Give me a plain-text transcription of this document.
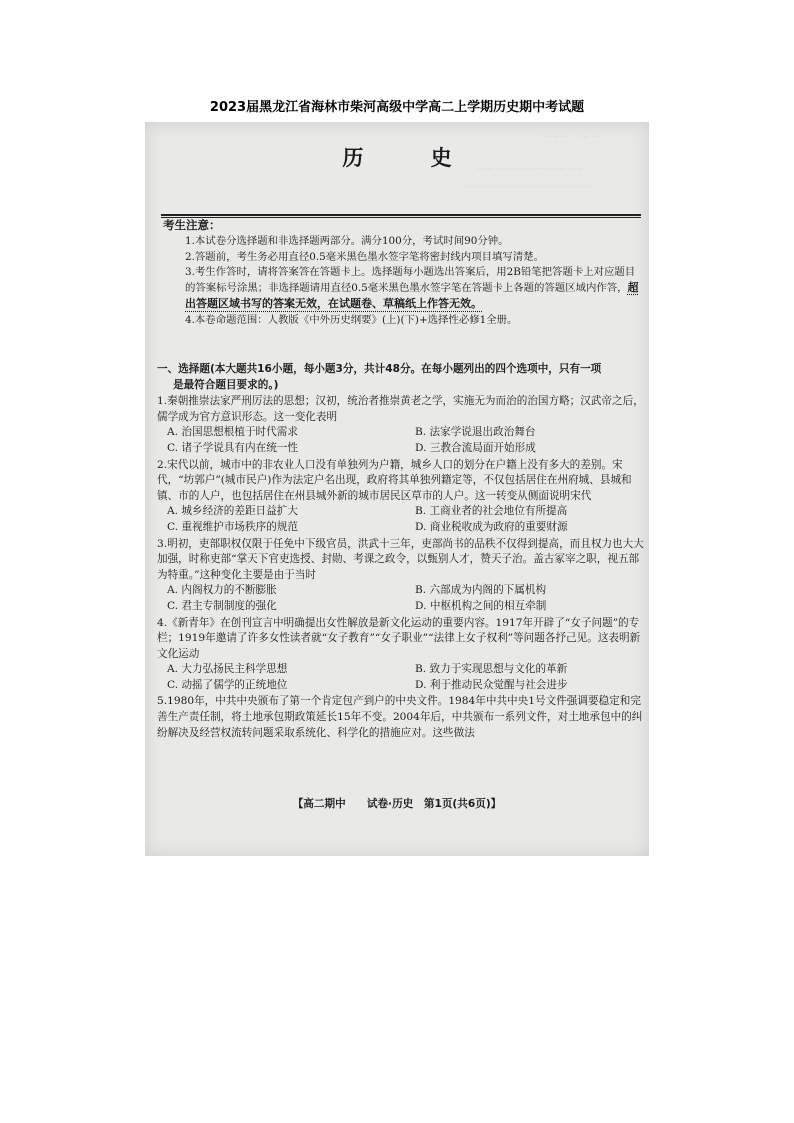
2023届黑龙江省海林市柴河高级中学高二上学期历史期中考试题
～～～　 ～ ～
～～～～～～～～～～～～
～～～～～～～～～～～～～～
历 史
考生注意：
1.本试卷分选择题和非选择题两部分。满分100分，考试时间90分钟。
2.答题前，考生务必用直径0.5毫米黑色墨水签字笔将密封线内项目填写清楚。
3.考生作答时，请将答案答在答题卡上。选择题每小题选出答案后，用2B铅笔把答题卡上对应题目的答案标号涂黑；非选择题请用直径0.5毫米黑色墨水签字笔在答题卡上各题的答题区域内作答，超出答题区域书写的答案无效，在试题卷、草稿纸上作答无效。
4.本卷命题范围：人教版《中外历史纲要》(上)(下)+选择性必修1全册。
一、选择题(本大题共16小题，每小题3分，共计48分。在每小题列出的四个选项中，只有一项
是最符合题目要求的。)
1.秦朝推崇法家严刑厉法的思想；汉初，统治者推崇黄老之学，实施无为而治的治国方略；汉武帝之后，儒学成为官方意识形态。这一变化表明
A. 治国思想根植于时代需求	B. 法家学说退出政治舞台
C. 诸子学说具有内在统一性	D. 三教合流局面开始形成
2.宋代以前，城市中的非农业人口没有单独列为户籍，城乡人口的划分在户籍上没有多大的差别。宋代，“坊郭户”(城市民户)作为法定户名出现，政府将其单独列籍定等，不仅包括居住在州府城、县城和镇、市的人户，也包括居住在州县城外新的城市居民区草市的人户。这一转变从侧面说明宋代
A. 城乡经济的差距日益扩大	B. 工商业者的社会地位有所提高
C. 重视维护市场秩序的规范	D. 商业税收成为政府的重要财源
3.明初，吏部职权仅限于任免中下级官员，洪武十三年，吏部尚书的品秩不仅得到提高，而且权力也大大加强，时称吏部“掌天下官吏选授、封勋、考课之政令，以甄别人才，赞天子治。盖古冢宰之职，视五部为特重。”这种变化主要是由于当时
A. 内阁权力的不断膨胀	B. 六部成为内阁的下属机构
C. 君主专制制度的强化	D. 中枢机构之间的相互牵制
4.《新青年》在创刊宣言中明确提出女性解放是新文化运动的重要内容。1917年开辟了“女子问题”的专栏；1919年邀请了许多女性读者就“女子教育”“女子职业”“法律上女子权利”等问题各抒己见。这表明新文化运动
A. 大力弘扬民主科学思想	B. 致力于实现思想与文化的革新
C. 动摇了儒学的正统地位	D. 利于推动民众觉醒与社会进步
5.1980年，中共中央颁布了第一个肯定包产到户的中央文件。1984年中共中央1号文件强调要稳定和完善生产责任制，将土地承包期政策延长15年不变。2004年后，中共颁布一系列文件，对土地承包中的纠纷解决及经营权流转问题采取系统化、科学化的措施应对。这些做法
【高二期中　　试卷·历史　第1页(共6页)】
